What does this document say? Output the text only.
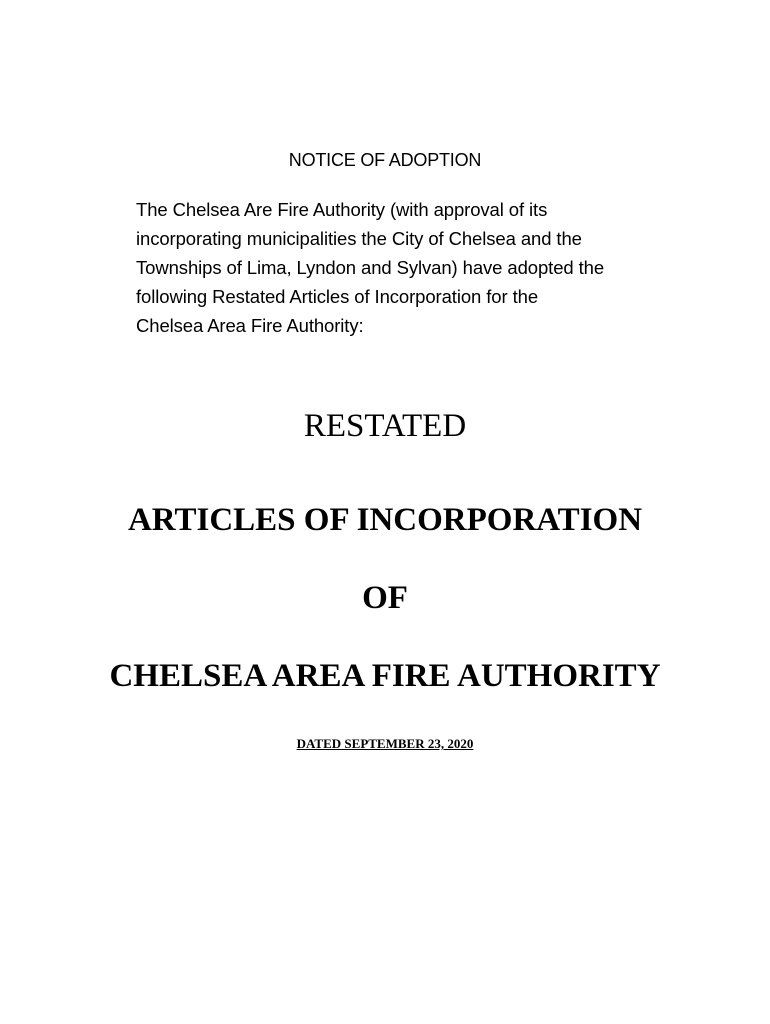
NOTICE OF ADOPTION

The Chelsea Are Fire Authority (with approval of its
incorporating municipalities the City of Chelsea and the
Townships of Lima, Lyndon and Sylvan) have adopted the
following Restated Articles of Incorporation for the
Chelsea Area Fire Authority:

RESTATED
ARTICLES OF INCORPORATION
OF
CHELSEA AREA FIRE AUTHORITY
DATED SEPTEMBER 23, 2020
